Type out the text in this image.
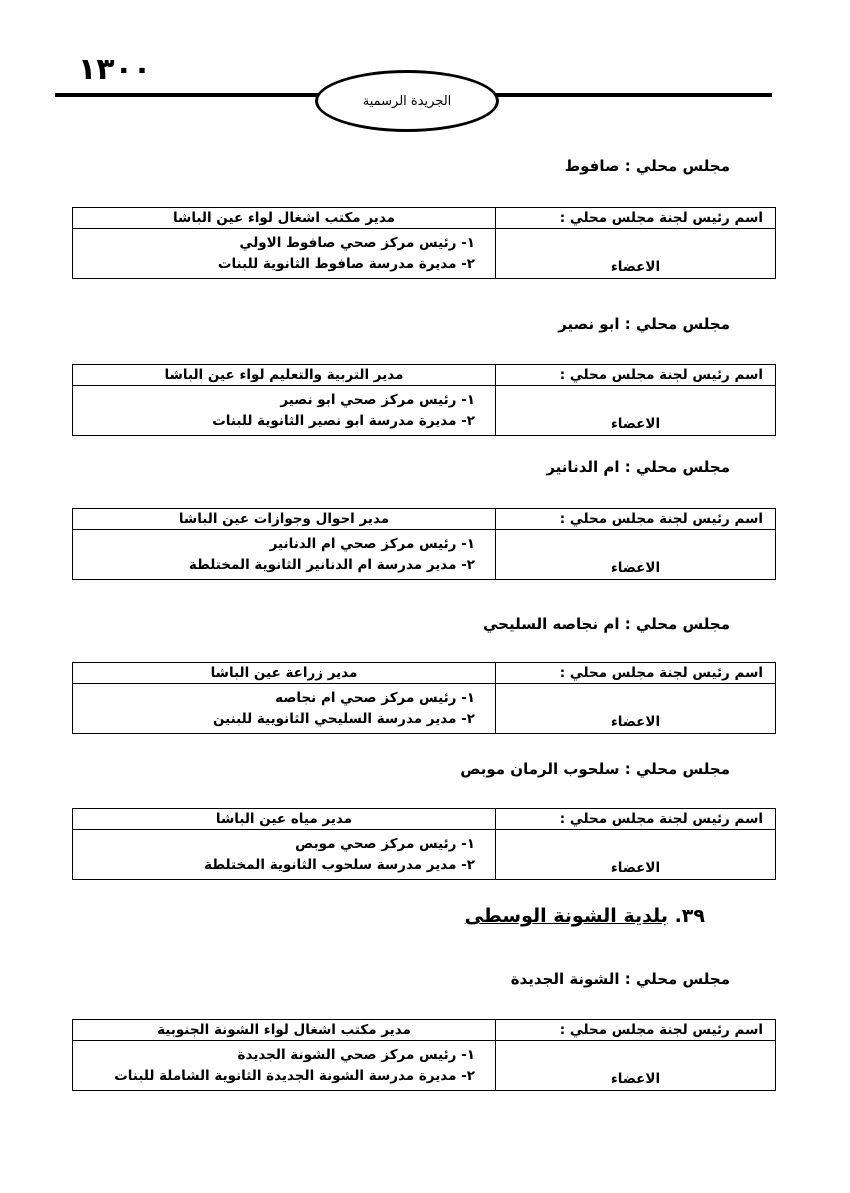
١٣٠٠
الجريدة الرسمية
مجلس محلي : صافوط
اسم رئيس لجنة مجلس محلي :	مدير مكتب اشغال لواء عين الباشا
الاعضاء	١- رئيس مركز صحي صافوط الاولي
٢- مديرة مدرسة صافوط الثانوية للبنات
مجلس محلي : ابو نصير
اسم رئيس لجنة مجلس محلي :	مدير التربية والتعليم لواء عين الباشا
الاعضاء	١- رئيس مركز صحي ابو نصير
٢- مديرة مدرسة ابو نصير الثانوية للبنات
مجلس محلي : ام الدنانير
اسم رئيس لجنة مجلس محلي :	مدير احوال وجوازات عين الباشا
الاعضاء	١- رئيس مركز صحي ام الدنانير
٢- مدير مدرسة ام الدنانير الثانوية المختلطة
مجلس محلي : ام نجاصه السليحي
اسم رئيس لجنة مجلس محلي :	مدير زراعة عين الباشا
الاعضاء	١- رئيس مركز صحي ام نجاصه
٢- مدير مدرسة السليحي الثانويية للبنين
مجلس محلي : سلحوب الرمان موبص
اسم رئيس لجنة مجلس محلي :	مدير مياه عين الباشا
الاعضاء	١- رئيس مركز صحي موبص
٢- مدير مدرسة سلحوب الثانوية المختلطة
٣٩. بلدية الشونة الوسطى
مجلس محلي : الشونة الجديدة
اسم رئيس لجنة مجلس محلي :	مدير مكتب اشغال لواء الشونة الجنوبية
الاعضاء	١- رئيس مركز صحي الشونة الجديدة
٢- مديرة مدرسة الشونة الجديدة الثانوية الشاملة للبنات
